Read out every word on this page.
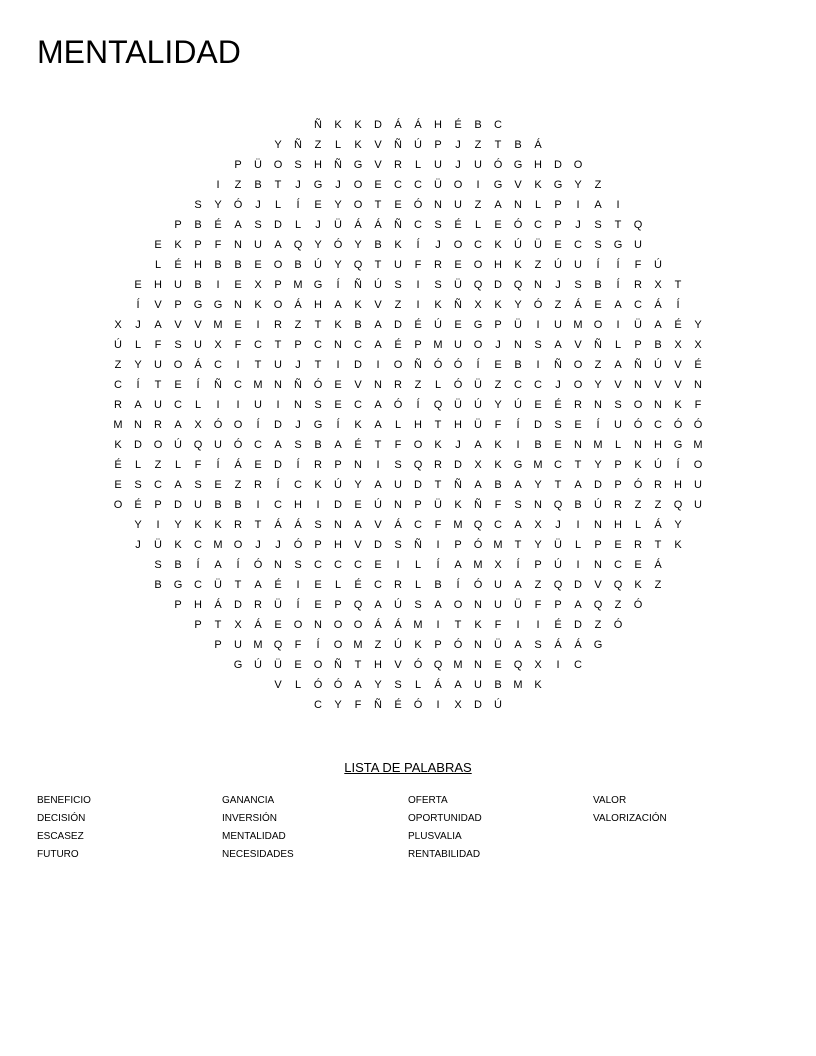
MENTALIDAD
Ñ	K	K	D	Á	Á	H	É	B	C
Y	Ñ	Z	L	K	V	Ñ	Ú	P	J	Z	T	B	Á
P	Ü	O	S	H	Ñ	G	V	R	L	U	J	U	Ó	G	H	D	O
I	Z	B	T	J	G	J	O	E	C	C	Ü	O	I	G	V	K	G	Y	Z
S	Y	Ó	J	L	Í	E	Y	O	T	E	Ó	N	U	Z	A	N	L	P	I	A	I
P	B	É	A	S	D	L	J	Ü	Á	Á	Ñ	C	S	É	L	E	Ó	C	P	J	S	T	Q
E	K	P	F	N	U	A	Q	Y	Ó	Y	B	K	Í	J	O	C	K	Ú	Ü	E	C	S	G	U
L	É	H	B	B	E	O	B	Ú	Y	Q	T	U	F	R	E	O	H	K	Z	Ú	U	Í	Í	F	Ú
E	H	U	B	I	E	X	P	M	G	Í	Ñ	Ú	S	I	S	Ü	Q	D	Q	N	J	S	B	Í	R	X	T
Í	V	P	G	G	N	K	O	Á	H	A	K	V	Z	I	K	Ñ	X	K	Y	Ó	Z	Á	E	A	C	Á	Í
X	J	A	V	V	M	E	I	R	Z	T	K	B	A	D	É	Ú	E	G	P	Ü	I	U	M	O	I	Ü	A	É	Y
Ú	L	F	S	U	X	F	C	T	P	C	N	C	A	É	P	M	U	O	J	N	S	A	V	Ñ	L	P	B	X	X
Z	Y	U	O	Á	C	I	T	U	J	T	I	D	I	O	Ñ	Ó	Ó	Í	E	B	I	Ñ	O	Z	A	Ñ	Ú	V	É
C	Í	T	E	Í	Ñ	C	M	N	Ñ	Ó	E	V	N	R	Z	L	Ó	Ü	Z	C	C	J	O	Y	V	N	V	V	N
R	A	U	C	L	I	I	U	I	N	S	E	C	A	Ó	Í	Q	Ü	Ú	Y	Ú	E	É	R	N	S	O	N	K	F
M	N	R	A	X	Ó	O	Í	D	J	G	Í	K	A	L	H	T	H	Ü	F	Í	D	S	E	Í	U	Ó	C	Ó	Ó
K	D	O	Ú	Q	U	Ó	C	A	S	B	A	É	T	F	O	K	J	A	K	I	B	E	N	M	L	N	H	G	M
É	L	Z	L	F	Í	Á	E	D	Í	R	P	N	I	S	Q	R	D	X	K	G	M	C	T	Y	P	K	Ú	Í	O
E	S	C	A	S	E	Z	R	Í	C	K	Ú	Y	A	U	D	T	Ñ	A	B	A	Y	T	A	D	P	Ó	R	H	U
O	É	P	D	U	B	B	I	C	H	I	D	E	Ú	N	P	Ü	K	Ñ	F	S	N	Q	B	Ú	R	Z	Z	Q	U
Y	I	Y	K	K	R	T	Á	Á	S	N	A	V	Á	C	F	M	Q	C	A	X	J	I	N	H	L	Á	Y
J	Ü	K	C	M	O	J	J	Ó	P	H	V	D	S	Ñ	I	P	Ó	M	T	Y	Ü	L	P	E	R	T	K
S	B	Í	A	Í	Ó	N	S	C	C	C	E	I	L	Í	A	M	X	Í	P	Ú	I	N	C	E	Á
B	G	C	Ü	T	A	É	I	E	L	É	C	R	L	B	Í	Ó	U	A	Z	Q	D	V	Q	K	Z
P	H	Á	D	R	Ü	Í	E	P	Q	A	Ú	S	A	O	N	U	Ü	F	P	A	Q	Z	Ó
P	T	X	Á	E	O	N	O	O	Á	Á	M	I	T	K	F	I	I	É	D	Z	Ó
P	U	M	Q	F	Í	O	M	Z	Ú	K	P	Ó	N	Ü	A	S	Á	Á	G
G	Ú	Ü	E	O	Ñ	T	H	V	Ó	Q	M	N	E	Q	X	I	C
V	L	Ó	Ó	A	Y	S	L	Á	A	U	B	M	K
C	Y	F	Ñ	É	Ó	I	X	D	Ú
LISTA DE PALABRAS
BENEFICIO
DECISIÓN
ESCASEZ
FUTURO
GANANCIA
INVERSIÓN
MENTALIDAD
NECESIDADES
OFERTA
OPORTUNIDAD
PLUSVALIA
RENTABILIDAD
VALOR
VALORIZACIÓN
